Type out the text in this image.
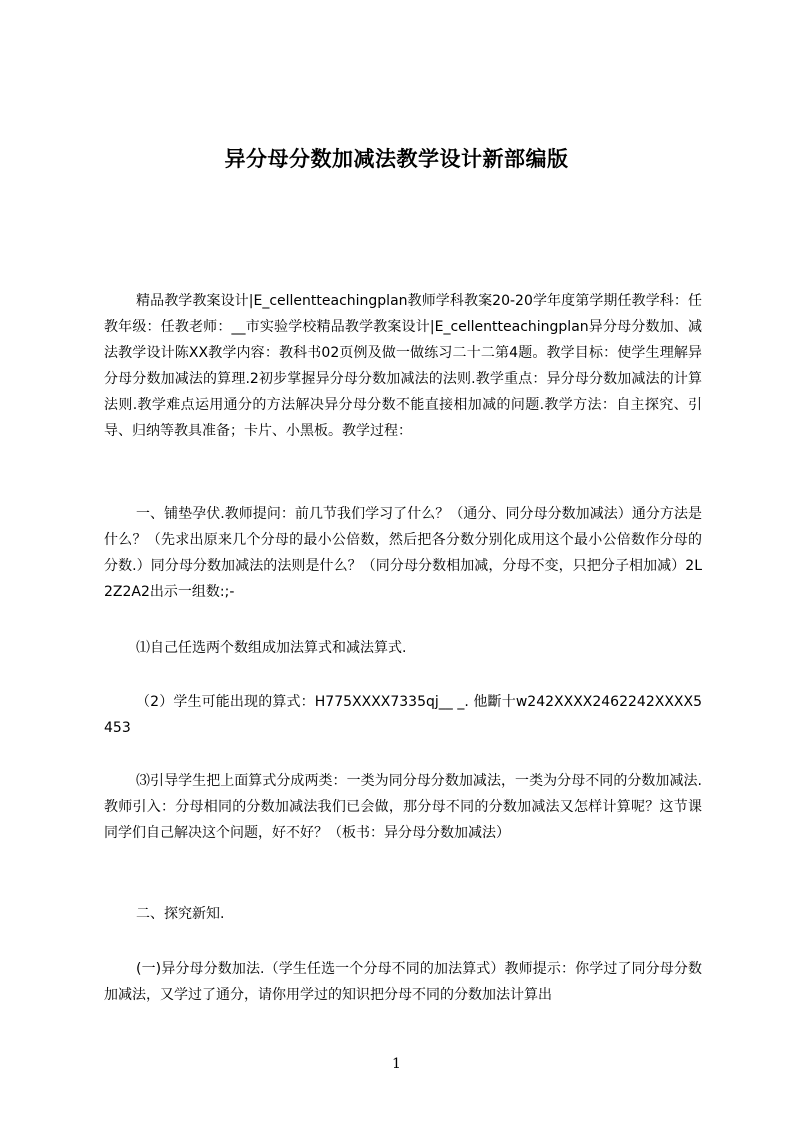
异分母分数加减法教学设计新部编版

精品教学教案设计|E_cellentteachingplan教师学科教案20-20学年度第学期任教学科：任教年级：任教老师：__市实验学校精品教学教案设计|E_cellentteachingplan异分母分数加、减法教学设计陈XX教学内容：教科书02页例及做一做练习二十二第4题。教学目标：使学生理解异分母分数加减法的算理.2初步掌握异分母分数加减法的法则.教学重点：异分母分数加减法的计算法则.教学难点运用通分的方法解决异分母分数不能直接相加减的问题.教学方法：自主探究、引导、归纳等教具准备；卡片、小黑板。教学过程：

一、铺垫孕伏.教师提问：前几节我们学习了什么？（通分、同分母分数加减法）通分方法是什么？（先求出原来几个分母的最小公倍数，然后把各分数分别化成用这个最小公倍数作分母的分数.）同分母分数加减法的法则是什么？（同分母分数相加减，分母不变，只把分子相加减）2L2Z2A2出示一组数:;-

⑴自己任选两个数组成加法算式和减法算式.

（2）学生可能出现的算式：H775XXXX7335qj__ _. 他斷十w242XXXX2462242XXXX5453

⑶引导学生把上面算式分成两类：一类为同分母分数加减法，一类为分母不同的分数加减法.教师引入：分母相同的分数加减法我们已会做，那分母不同的分数加减法又怎样计算呢？这节课同学们自己解决这个问题，好不好？（板书：异分母分数加减法）

二、探究新知.

(一)异分母分数加法.（学生任选一个分母不同的加法算式）教师提示：你学过了同分母分数加减法，又学过了通分，请你用学过的知识把分母不同的分数加法计算出

1
